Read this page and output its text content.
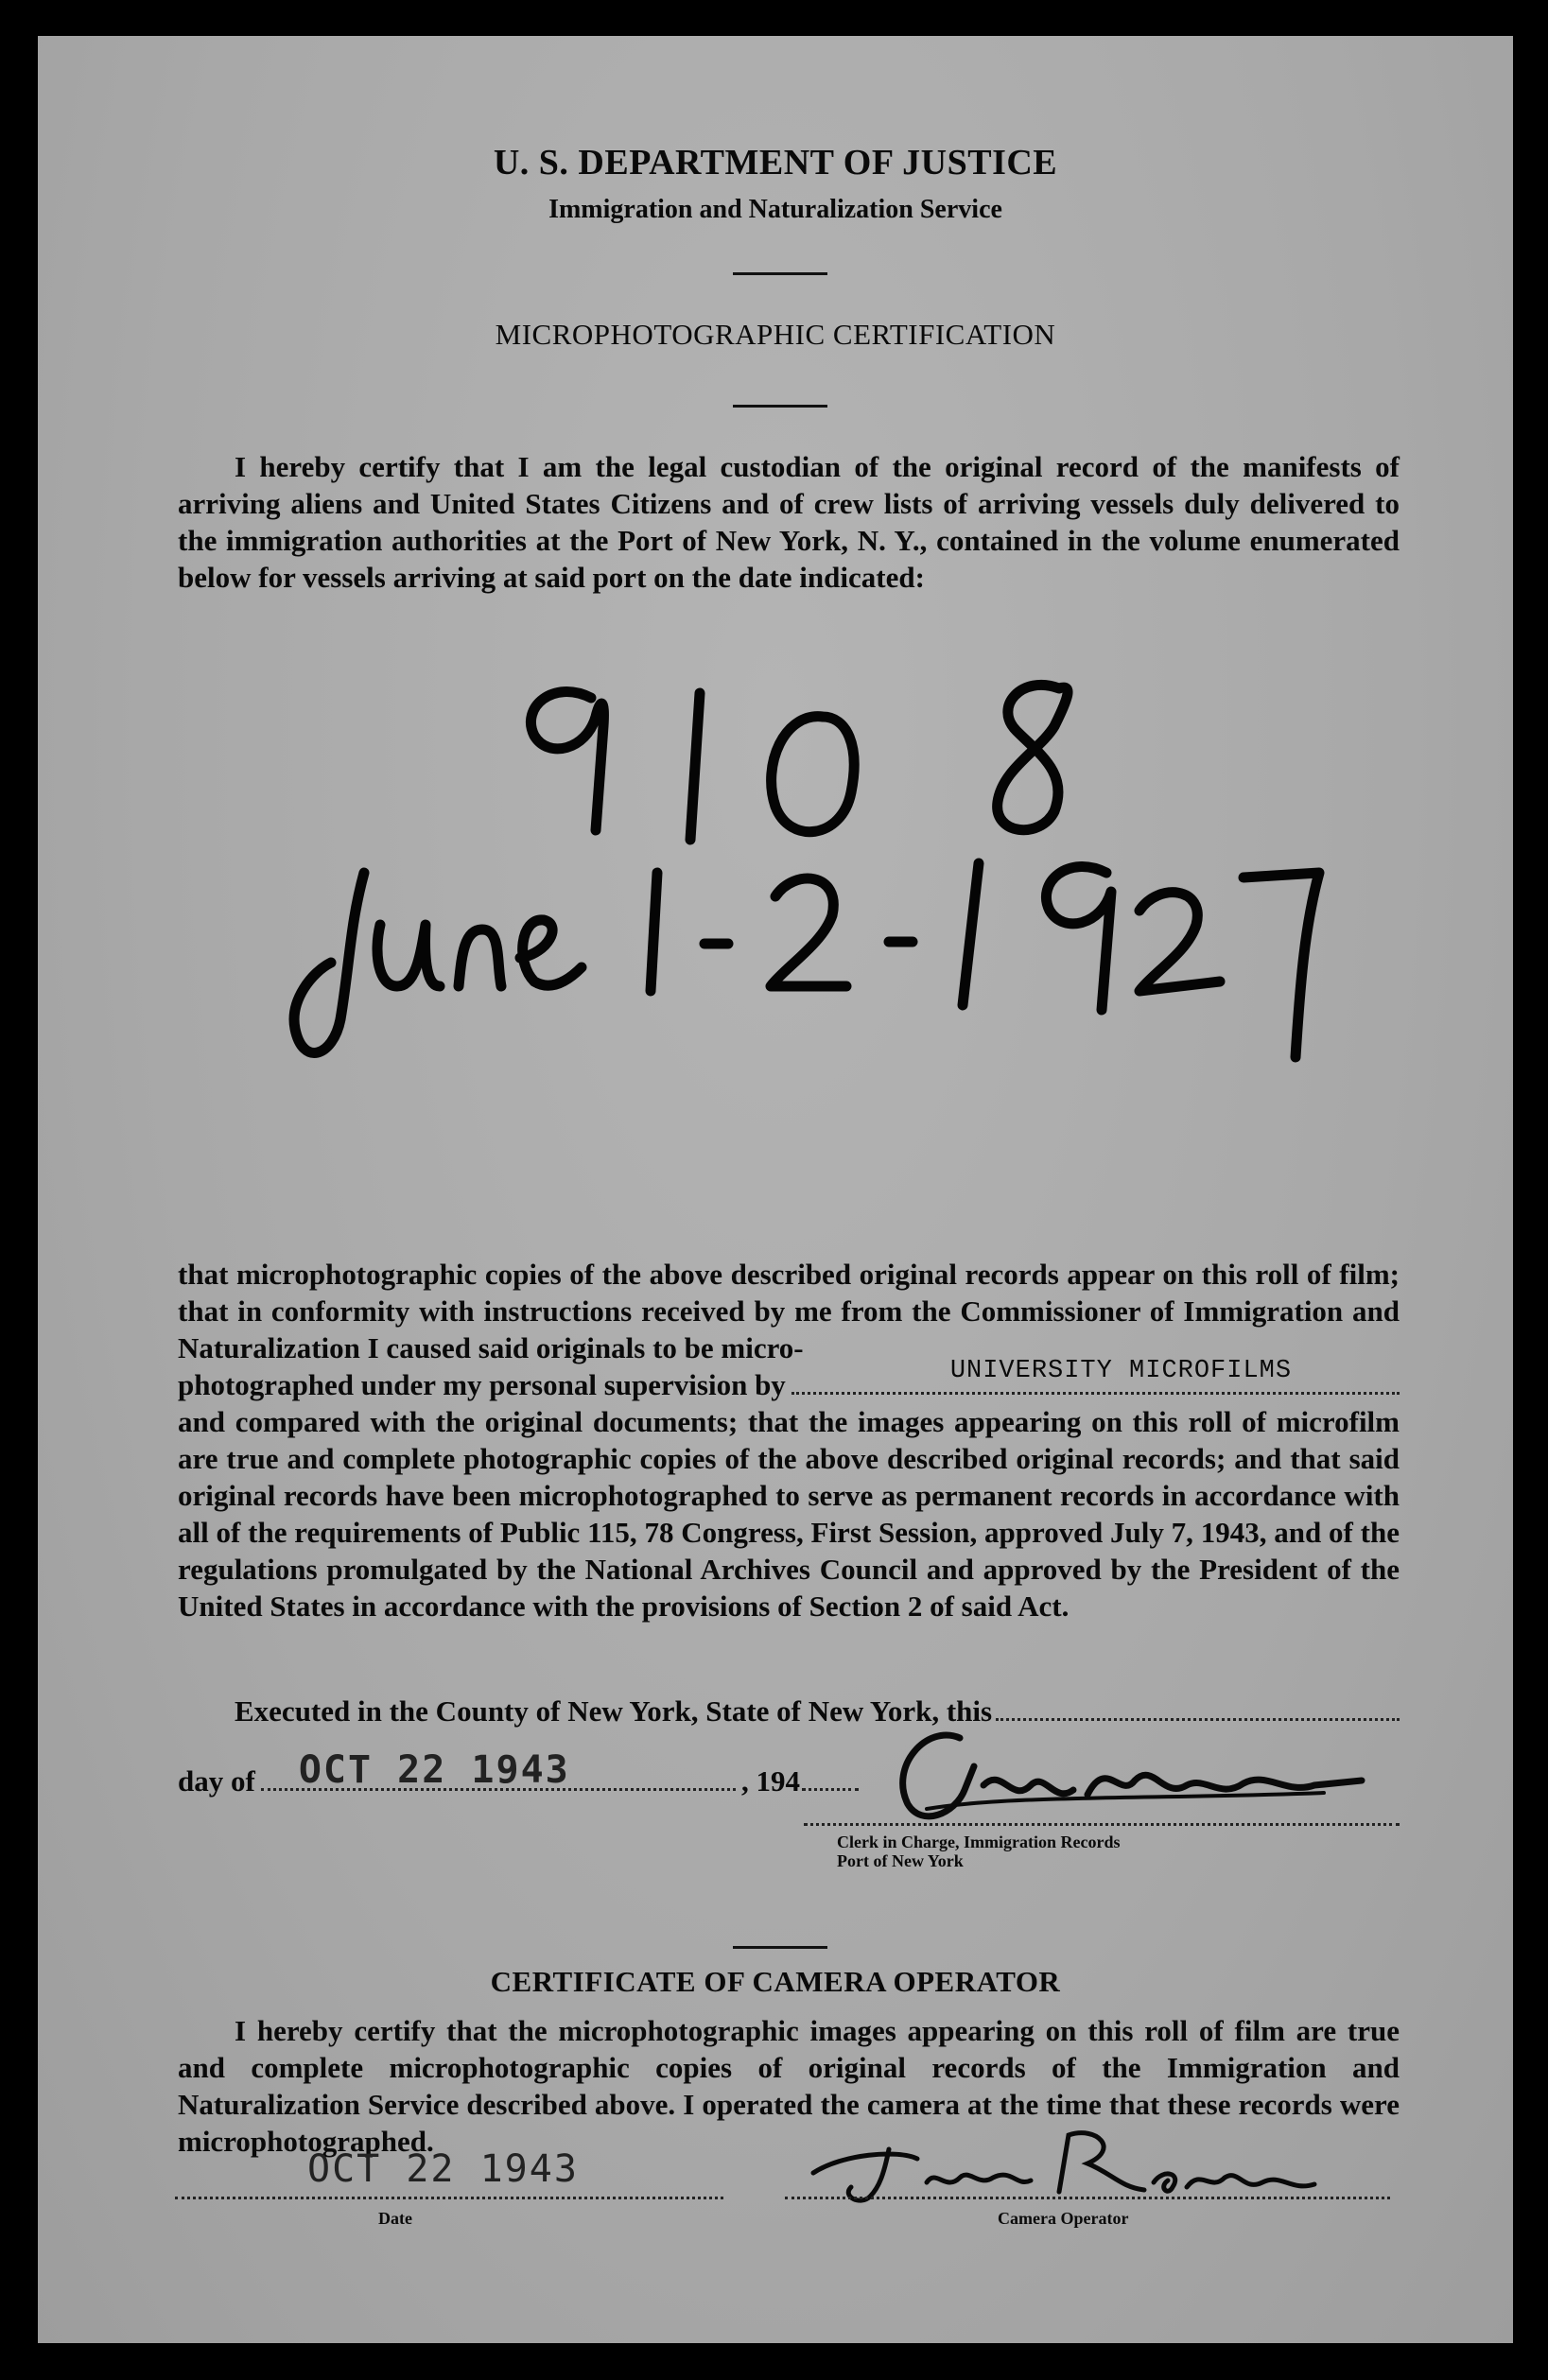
U. S. DEPARTMENT OF JUSTICE
Immigration and Naturalization Service
MICROPHOTOGRAPHIC CERTIFICATION
I hereby certify that I am the legal custodian of the original record of the manifests of arriving aliens and United States Citizens and of crew lists of arriving vessels duly delivered to the immigration authorities at the Port of New York, N. Y., contained in the volume enumerated below for vessels arriving at said port on the date indicated:

that microphotographic copies of the above described original records appear on this roll of film; that in conformity with instructions received by me from the Commissioner of Immigration and Naturalization I caused said originals to be micro-

photographed under my personal supervision by	UNIVERSITY MICROFILMS

and compared with the original documents; that the images appearing on this roll of microfilm are true and complete photographic copies of the above described original records; and that said original records have been microphotographed to serve as permanent records in accordance with all of the requirements of Public 115, 78 Congress, First Session, approved July 7, 1943, and of the regulations promulgated by the National Archives Council and approved by the President of the United States in accordance with the provisions of Section 2 of said Act.

Executed in the County of New York, State of New York, this
day of OCT 22 1943	, 194
Clerk in Charge, Immigration Records
Port of New York
CERTIFICATE OF CAMERA OPERATOR
I hereby certify that the microphotographic images appearing on this roll of film are true and complete microphotographic copies of original records of the Immigration and Naturalization Service described above. I operated the camera at the time that these records were microphotographed.
OCT 22 1943
Date	Camera Operator
